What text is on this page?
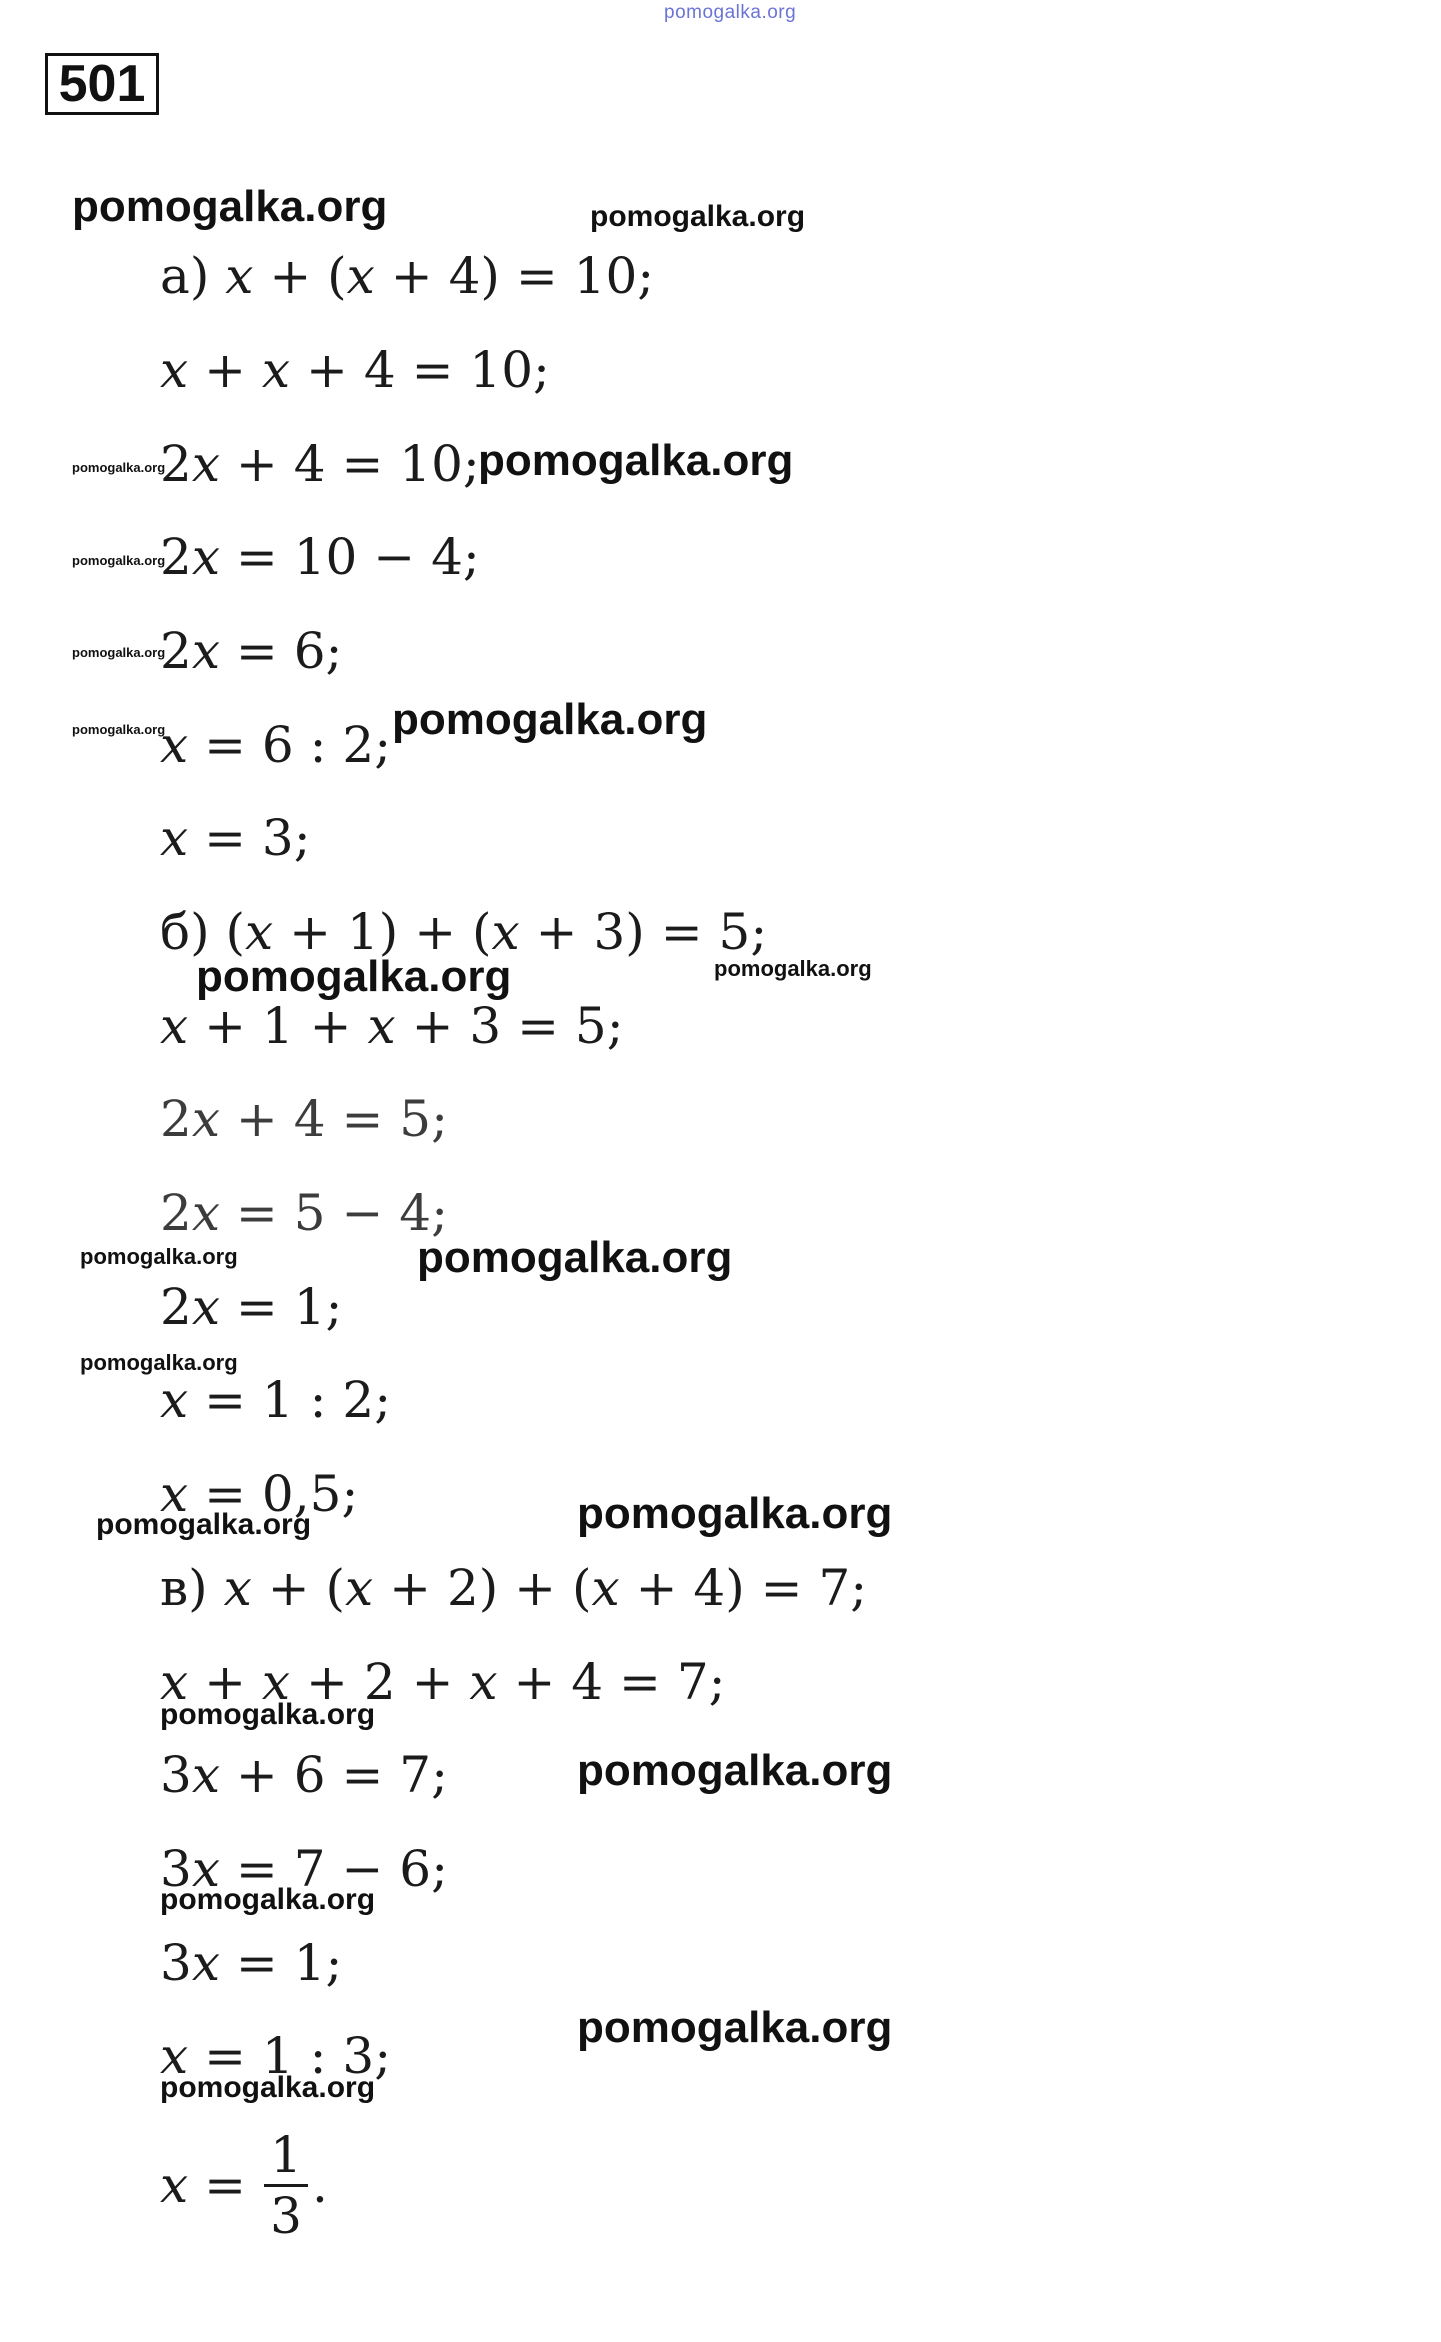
pomogalka.org
501
а) x + (x + 4) = 10;
x + x + 4 = 10;
2x + 4 = 10;
2x = 10 − 4;
2x = 6;
x = 6 : 2;
x = 3;
б) (x + 1) + (x + 3) = 5;
x + 1 + x + 3 = 5;
2x + 4 = 5;
2x = 5 − 4;
2x = 1;
x = 1 : 2;
x = 0,5;
в) x + (x + 2) + (x + 4) = 7;
x + x + 2 + x + 4 = 7;
3x + 6 = 7;
3x = 7 − 6;
3x = 1;
x = 1 : 3;
$x = \frac{1}{3}$ .
pomogalka.org	pomogalka.org
pomogalka.org	pomogalka.org
pomogalka.org
pomogalka.org
pomogalka.org	pomogalka.org
pomogalka.org	pomogalka.org
pomogalka.org	pomogalka.org
pomogalka.org
pomogalka.org
pomogalka.org
pomogalka.org
pomogalka.org
pomogalka.org
pomogalka.org
pomogalka.org
